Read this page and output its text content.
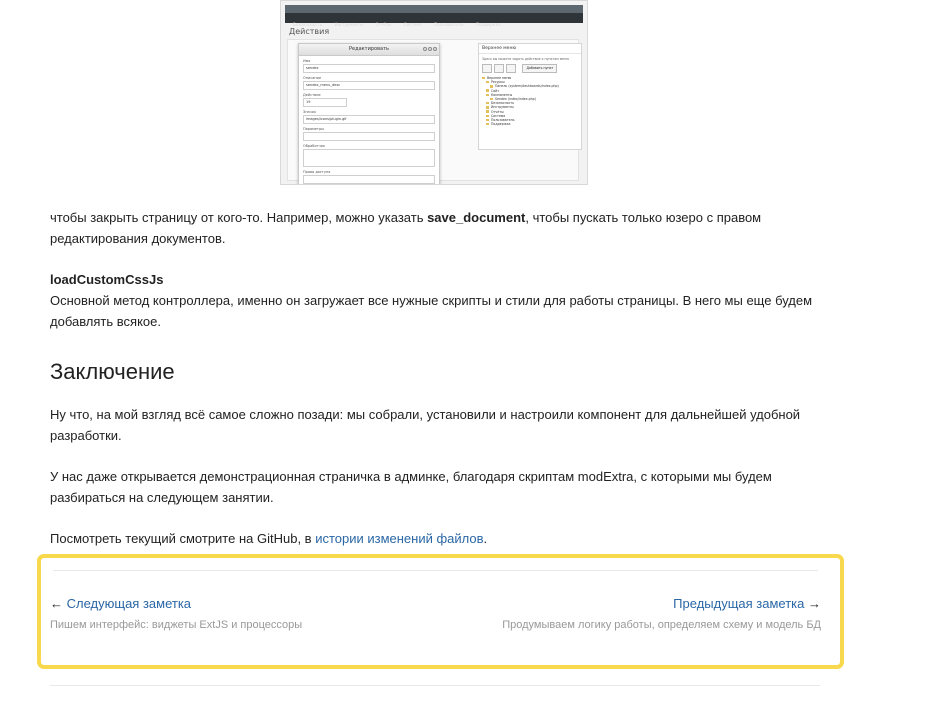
Безопасность	Инструменты	Отчёты	Система	Пользователь	Поддержка
Действия
Редактировать
Имя
sendex
Описание
sendex_menu_desc
Действие
19
Значок
images/icons/plugin.gif
Параметры
Обработчик
Права доступа
Верхнее меню
Здесь вы можете задать действие к пунктам меню
Добавить пункт
Верхнее меню
Ресурсы
Панель (system/dashboards/index.php)
Сайт
Компоненты
Sendex (index/index.php)
Безопасность
Инструменты
Отчёты
Система
Пользователь
Поддержка

чтобы закрыть страницу от кого-то. Например, можно указать save_document, чтобы пускать только юзеро с правом
редактирования документов.

loadCustomCssJs
Основной метод контроллера, именно он загружает все нужные скрипты и стили для работы страницы. В него мы еще будем
добавлять всякое.

Заключение

Ну что, на мой взгляд всё самое сложно позади: мы собрали, установили и настроили компонент для дальнейшей удобной
разработки.

У нас даже открывается демонстрационная страничка в админке, благодаря скриптам modExtra, с которыми мы будем
разбираться на следующем занятии.

Посмотреть текущий смотрите на GitHub, в истории изменений файлов.

← Следующая заметка
Пишем интерфейс: виджеты ExtJS и процессоры
Предыдущая заметка →
Продумываем логику работы, определяем схему и модель БД
